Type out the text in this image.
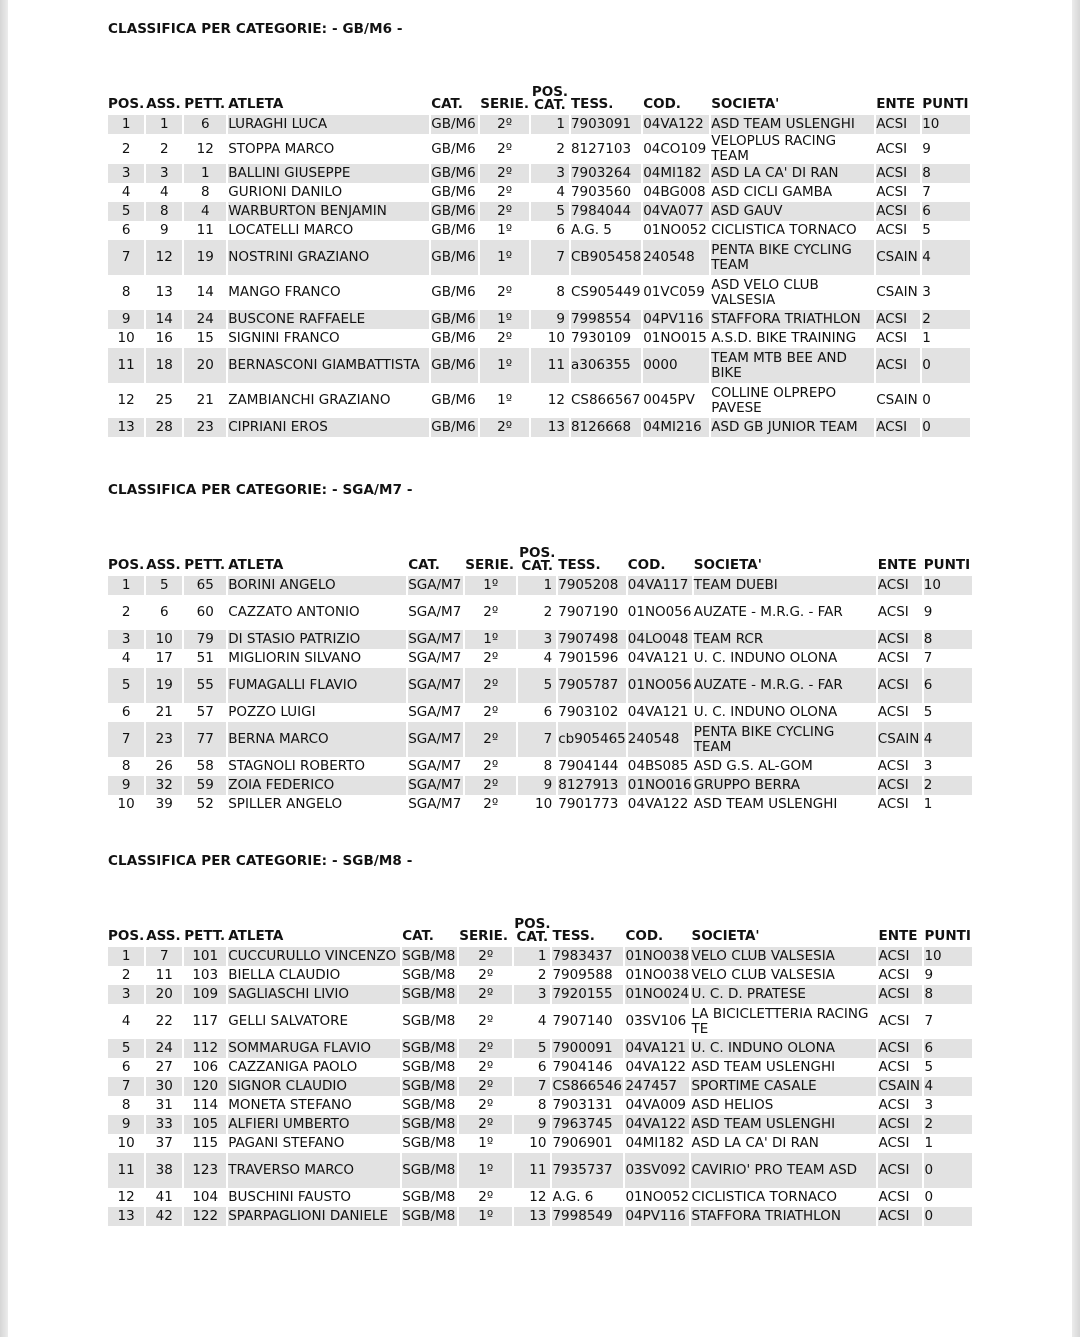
CLASSIFICA PER CATEGORIE: - GB/M6 -
POS.	ASS.	PETT.	ATLETA	CAT.	SERIE.	POS.
CAT.	TESS.	COD.	SOCIETA'	ENTE	PUNTI
1	1	6	LURAGHI LUCA	GB/M6	2º	1	7903091	04VA122	ASD TEAM USLENGHI	ACSI	10
2	2	12	STOPPA MARCO	GB/M6	2º	2	8127103	04CO109	VELOPLUS RACING TEAM	ACSI	9
3	3	1	BALLINI GIUSEPPE	GB/M6	2º	3	7903264	04MI182	ASD LA CA' DI RAN	ACSI	8
4	4	8	GURIONI DANILO	GB/M6	2º	4	7903560	04BG008	ASD CICLI GAMBA	ACSI	7
5	8	4	WARBURTON BENJAMIN	GB/M6	2º	5	7984044	04VA077	ASD GAUV	ACSI	6
6	9	11	LOCATELLI MARCO	GB/M6	1º	6	A.G. 5	01NO052	CICLISTICA TORNACO	ACSI	5
7	12	19	NOSTRINI GRAZIANO	GB/M6	1º	7	CB905458	240548	PENTA BIKE CYCLING TEAM	CSAIN	4
8	13	14	MANGO FRANCO	GB/M6	2º	8	CS905449	01VC059	ASD VELO CLUB VALSESIA	CSAIN	3
9	14	24	BUSCONE RAFFAELE	GB/M6	1º	9	7998554	04PV116	STAFFORA TRIATHLON	ACSI	2
10	16	15	SIGNINI FRANCO	GB/M6	2º	10	7930109	01NO015	A.S.D. BIKE TRAINING	ACSI	1
11	18	20	BERNASCONI GIAMBATTISTA	GB/M6	1º	11	a306355	0000	TEAM MTB BEE AND BIKE	ACSI	0
12	25	21	ZAMBIANCHI GRAZIANO	GB/M6	1º	12	CS866567	0045PV	COLLINE OLPREPO PAVESE	CSAIN	0
13	28	23	CIPRIANI EROS	GB/M6	2º	13	8126668	04MI216	ASD GB JUNIOR TEAM	ACSI	0
CLASSIFICA PER CATEGORIE: - SGA/M7 -
POS.	ASS.	PETT.	ATLETA	CAT.	SERIE.	POS.
CAT.	TESS.	COD.	SOCIETA'	ENTE	PUNTI
1	5	65	BORINI ANGELO	SGA/M7	1º	1	7905208	04VA117	TEAM DUEBI	ACSI	10
2	6	60	CAZZATO ANTONIO	SGA/M7	2º	2	7907190	01NO056	AUZATE - M.R.G. - FAR	ACSI	9
3	10	79	DI STASIO PATRIZIO	SGA/M7	1º	3	7907498	04LO048	TEAM RCR	ACSI	8
4	17	51	MIGLIORIN SILVANO	SGA/M7	2º	4	7901596	04VA121	U. C. INDUNO OLONA	ACSI	7
5	19	55	FUMAGALLI FLAVIO	SGA/M7	2º	5	7905787	01NO056	AUZATE - M.R.G. - FAR	ACSI	6
6	21	57	POZZO LUIGI	SGA/M7	2º	6	7903102	04VA121	U. C. INDUNO OLONA	ACSI	5
7	23	77	BERNA MARCO	SGA/M7	2º	7	cb905465	240548	PENTA BIKE CYCLING TEAM	CSAIN	4
8	26	58	STAGNOLI ROBERTO	SGA/M7	2º	8	7904144	04BS085	ASD G.S. AL-GOM	ACSI	3
9	32	59	ZOIA FEDERICO	SGA/M7	2º	9	8127913	01NO016	GRUPPO BERRA	ACSI	2
10	39	52	SPILLER ANGELO	SGA/M7	2º	10	7901773	04VA122	ASD TEAM USLENGHI	ACSI	1
CLASSIFICA PER CATEGORIE: - SGB/M8 -
POS.	ASS.	PETT.	ATLETA	CAT.	SERIE.	POS.
CAT.	TESS.	COD.	SOCIETA'	ENTE	PUNTI
1	7	101	CUCCURULLO VINCENZO	SGB/M8	2º	1	7983437	01NO038	VELO CLUB VALSESIA	ACSI	10
2	11	103	BIELLA CLAUDIO	SGB/M8	2º	2	7909588	01NO038	VELO CLUB VALSESIA	ACSI	9
3	20	109	SAGLIASCHI LIVIO	SGB/M8	2º	3	7920155	01NO024	U. C. D. PRATESE	ACSI	8
4	22	117	GELLI SALVATORE	SGB/M8	2º	4	7907140	03SV106	LA BICICLETTERIA RACING TE	ACSI	7
5	24	112	SOMMARUGA FLAVIO	SGB/M8	2º	5	7900091	04VA121	U. C. INDUNO OLONA	ACSI	6
6	27	106	CAZZANIGA PAOLO	SGB/M8	2º	6	7904146	04VA122	ASD TEAM USLENGHI	ACSI	5
7	30	120	SIGNOR CLAUDIO	SGB/M8	2º	7	CS866546	247457	SPORTIME CASALE	CSAIN	4
8	31	114	MONETA STEFANO	SGB/M8	2º	8	7903131	04VA009	ASD HELIOS	ACSI	3
9	33	105	ALFIERI UMBERTO	SGB/M8	2º	9	7963745	04VA122	ASD TEAM USLENGHI	ACSI	2
10	37	115	PAGANI STEFANO	SGB/M8	1º	10	7906901	04MI182	ASD LA CA' DI RAN	ACSI	1
11	38	123	TRAVERSO MARCO	SGB/M8	1º	11	7935737	03SV092	CAVIRIO' PRO TEAM ASD	ACSI	0
12	41	104	BUSCHINI FAUSTO	SGB/M8	2º	12	A.G. 6	01NO052	CICLISTICA TORNACO	ACSI	0
13	42	122	SPARPAGLIONI DANIELE	SGB/M8	1º	13	7998549	04PV116	STAFFORA TRIATHLON	ACSI	0
